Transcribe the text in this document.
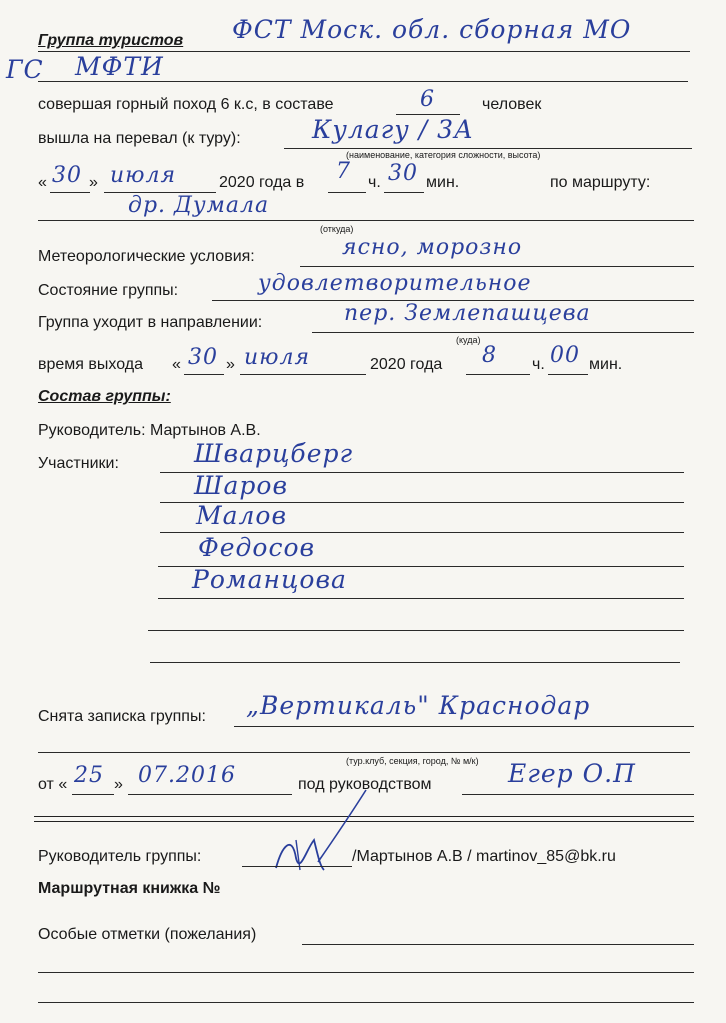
Группа туристов ФСТ Моск. обл. сборная МО
ГС МФТИ
совершая горный поход 6 к.с, в составе	6	человек
вышла на перевал (к туру):	Кулагу / 3А
(наименование, категория сложности, высота)
« 30 » июля	2020 года в 7 ч. 30 мин.	по маршруту:
др. Думала
(откуда)
Метеорологические условия:	ясно, морозно
Состояние группы:	удовлетворительное
Группа уходит в направлении:	пер. Землепашцева
(куда)
время выхода « 30 » июля	2020 года 8 ч. 00 мин.
Состав группы:
Руководитель: Мартынов А.В.
Участники:	Шварцберг
Шаров
Малов
Федосов
Романцова
Снята записка группы: „Вертикаль" Краснодар
(тур.клуб, секция, город, № м/к)
от « 25 » 07.2016	под руководством	Егер О.П
Руководитель группы:	/Мартынов А.В / martinov_85@bk.ru
Маршрутная книжка №
Особые отметки (пожелания)
